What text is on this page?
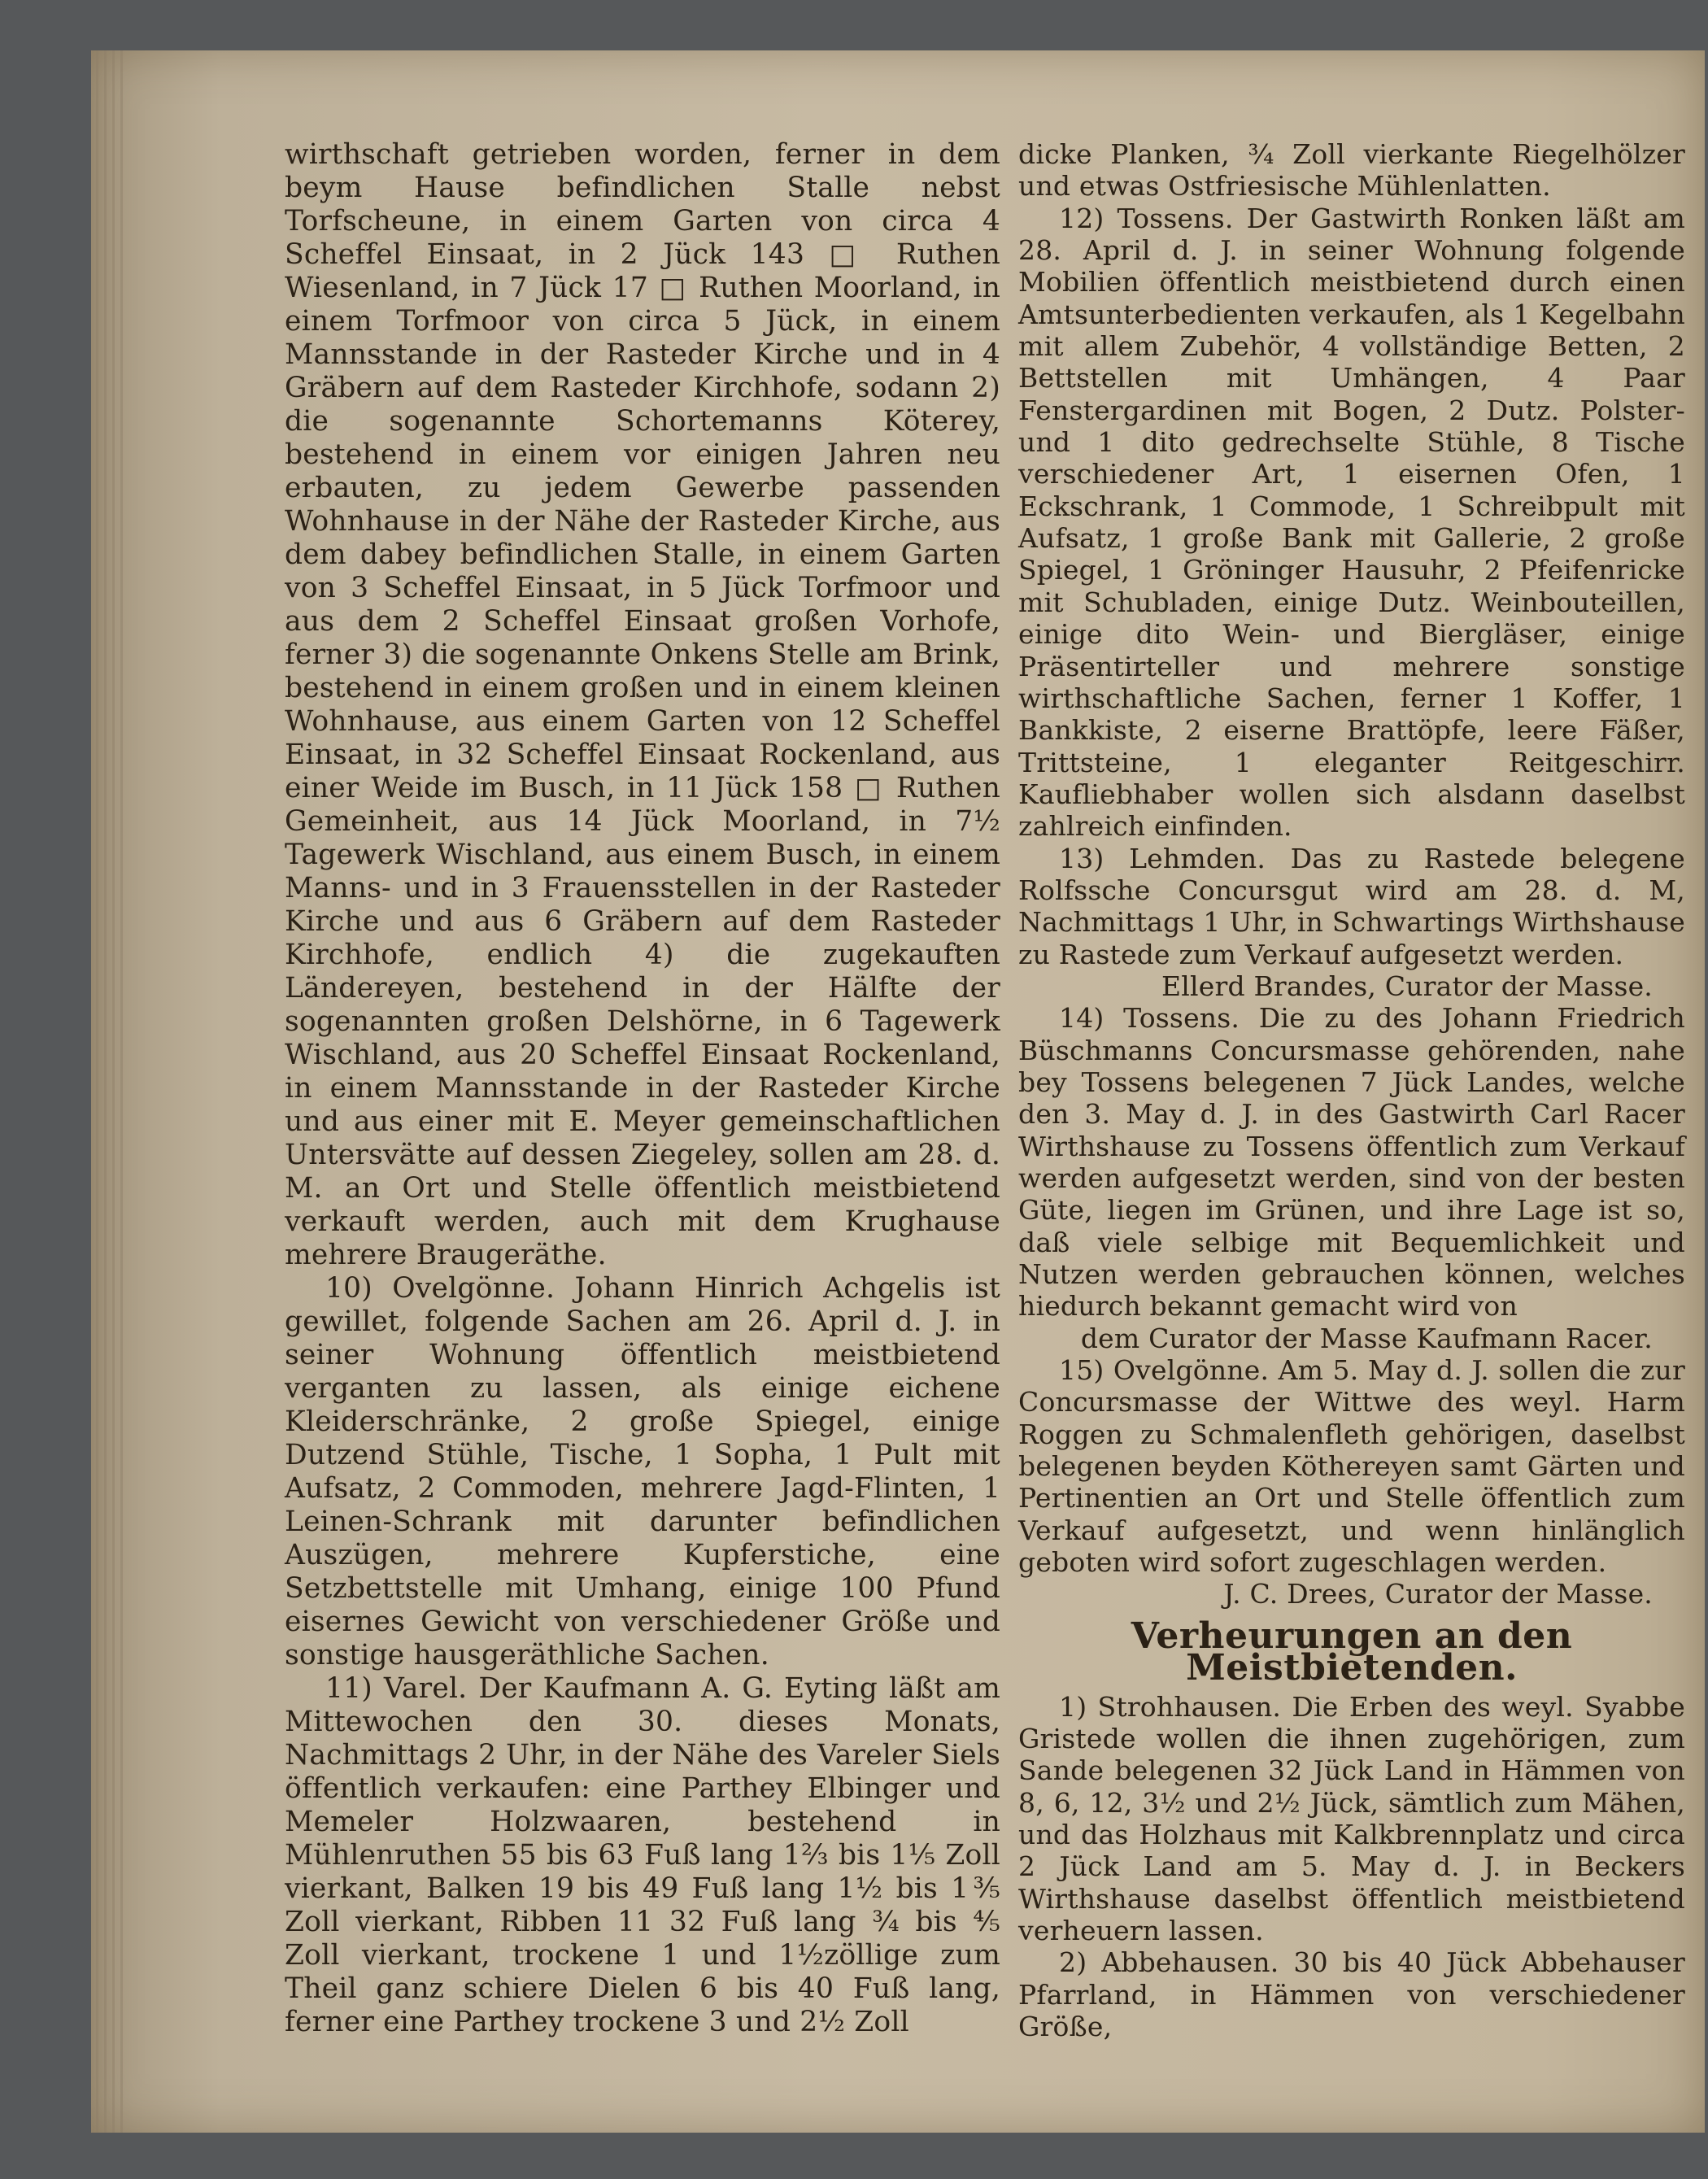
wirthschaft getrieben worden, ferner in dem beym Hause befindlichen Stalle nebst Torfscheune, in einem Garten von circa 4 Scheffel Einsaat, in 2 Jück 143 □ Ruthen Wiesenland, in 7 Jück 17 □ Ruthen Moorland, in einem Torfmoor von circa 5 Jück, in einem Mannsstande in der Rasteder Kirche und in 4 Gräbern auf dem Rasteder Kirchhofe, sodann 2) die sogenannte Schortemanns Köterey, bestehend in einem vor einigen Jahren neu erbauten, zu jedem Gewerbe passenden Wohnhause in der Nähe der Rasteder Kirche, aus dem dabey befindlichen Stalle, in einem Garten von 3 Scheffel Einsaat, in 5 Jück Torfmoor und aus dem 2 Scheffel Einsaat großen Vorhofe, ferner 3) die sogenannte Onkens Stelle am Brink, bestehend in einem großen und in einem kleinen Wohnhause, aus einem Garten von 12 Scheffel Einsaat, in 32 Scheffel Einsaat Rockenland, aus einer Weide im Busch, in 11 Jück 158 □ Ruthen Gemeinheit, aus 14 Jück Moorland, in 7½ Tagewerk Wischland, aus einem Busch, in einem Manns- und in 3 Frauensstellen in der Rasteder Kirche und aus 6 Gräbern auf dem Rasteder Kirchhofe, endlich 4) die zugekauften Ländereyen, bestehend in der Hälfte der sogenannten großen Delshörne, in 6 Tagewerk Wischland, aus 20 Scheffel Einsaat Rockenland, in einem Mannsstande in der Rasteder Kirche und aus einer mit E. Meyer gemeinschaftlichen Untersvätte auf dessen Ziegeley, sollen am 28. d. M. an Ort und Stelle öffentlich meistbietend verkauft werden, auch mit dem Krughause mehrere Braugeräthe.

10) Ovelgönne. Johann Hinrich Achgelis ist gewillet, folgende Sachen am 26. April d. J. in seiner Wohnung öffentlich meistbietend verganten zu lassen, als einige eichene Kleiderschränke, 2 große Spiegel, einige Dutzend Stühle, Tische, 1 Sopha, 1 Pult mit Aufsatz, 2 Commoden, mehrere Jagd-Flinten, 1 Leinen-Schrank mit darunter befindlichen Auszügen, mehrere Kupferstiche, eine Setzbettstelle mit Umhang, einige 100 Pfund eisernes Gewicht von verschiedener Größe und sonstige hausgeräthliche Sachen.

11) Varel. Der Kaufmann A. G. Eyting läßt am Mittewochen den 30. dieses Monats, Nachmittags 2 Uhr, in der Nähe des Vareler Siels öffentlich verkaufen: eine Parthey Elbinger und Memeler Holzwaaren, bestehend in Mühlenruthen 55 bis 63 Fuß lang 1⅔ bis 1⅕ Zoll vierkant, Balken 19 bis 49 Fuß lang 1½ bis 1⅗ Zoll vierkant, Ribben 11 32 Fuß lang ¾ bis ⅘ Zoll vierkant, trockene 1 und 1½zöllige zum Theil ganz schiere Dielen 6 bis 40 Fuß lang, ferner eine Parthey trockene 3 und 2½ Zoll

dicke Planken, ¾ Zoll vierkante Riegelhölzer und etwas Ostfriesische Mühlenlatten.

12) Tossens. Der Gastwirth Ronken läßt am 28. April d. J. in seiner Wohnung folgende Mobilien öffentlich meistbietend durch einen Amtsunterbedienten verkaufen, als 1 Kegelbahn mit allem Zubehör, 4 vollständige Betten, 2 Bettstellen mit Umhängen, 4 Paar Fenstergardinen mit Bogen, 2 Dutz. Polster- und 1 dito gedrechselte Stühle, 8 Tische verschiedener Art, 1 eisernen Ofen, 1 Eckschrank, 1 Commode, 1 Schreibpult mit Aufsatz, 1 große Bank mit Gallerie, 2 große Spiegel, 1 Gröninger Hausuhr, 2 Pfeifenricke mit Schubladen, einige Dutz. Weinbouteillen, einige dito Wein- und Biergläser, einige Präsentirteller und mehrere sonstige wirthschaftliche Sachen, ferner 1 Koffer, 1 Bankkiste, 2 eiserne Brattöpfe, leere Fäßer, Trittsteine, 1 eleganter Reitgeschirr. Kaufliebhaber wollen sich alsdann daselbst zahlreich einfinden.

13) Lehmden. Das zu Rastede belegene Rolfssche Concursgut wird am 28. d. M, Nachmittags 1 Uhr, in Schwartings Wirthshause zu Rastede zum Verkauf aufgesetzt werden.

Ellerd Brandes, Curator der Masse.

14) Tossens. Die zu des Johann Friedrich Büschmanns Concursmasse gehörenden, nahe bey Tossens belegenen 7 Jück Landes, welche den 3. May d. J. in des Gastwirth Carl Racer Wirthshause zu Tossens öffentlich zum Verkauf werden aufgesetzt werden, sind von der besten Güte, liegen im Grünen, und ihre Lage ist so, daß viele selbige mit Bequemlichkeit und Nutzen werden gebrauchen können, welches hiedurch bekannt gemacht wird von

dem Curator der Masse Kaufmann Racer.

15) Ovelgönne. Am 5. May d. J. sollen die zur Concursmasse der Wittwe des weyl. Harm Roggen zu Schmalenfleth gehörigen, daselbst belegenen beyden Köthereyen samt Gärten und Pertinentien an Ort und Stelle öffentlich zum Verkauf aufgesetzt, und wenn hinlänglich geboten wird sofort zugeschlagen werden.

J. C. Drees, Curator der Masse.

Verheurungen an den Meistbietenden.

1) Strohhausen. Die Erben des weyl. Syabbe Gristede wollen die ihnen zugehörigen, zum Sande belegenen 32 Jück Land in Hämmen von 8, 6, 12, 3½ und 2½ Jück, sämtlich zum Mähen, und das Holzhaus mit Kalkbrennplatz und circa 2 Jück Land am 5. May d. J. in Beckers Wirthshause daselbst öffentlich meistbietend verheuern lassen.

2) Abbehausen. 30 bis 40 Jück Abbehauser Pfarrland, in Hämmen von verschiedener Größe,
